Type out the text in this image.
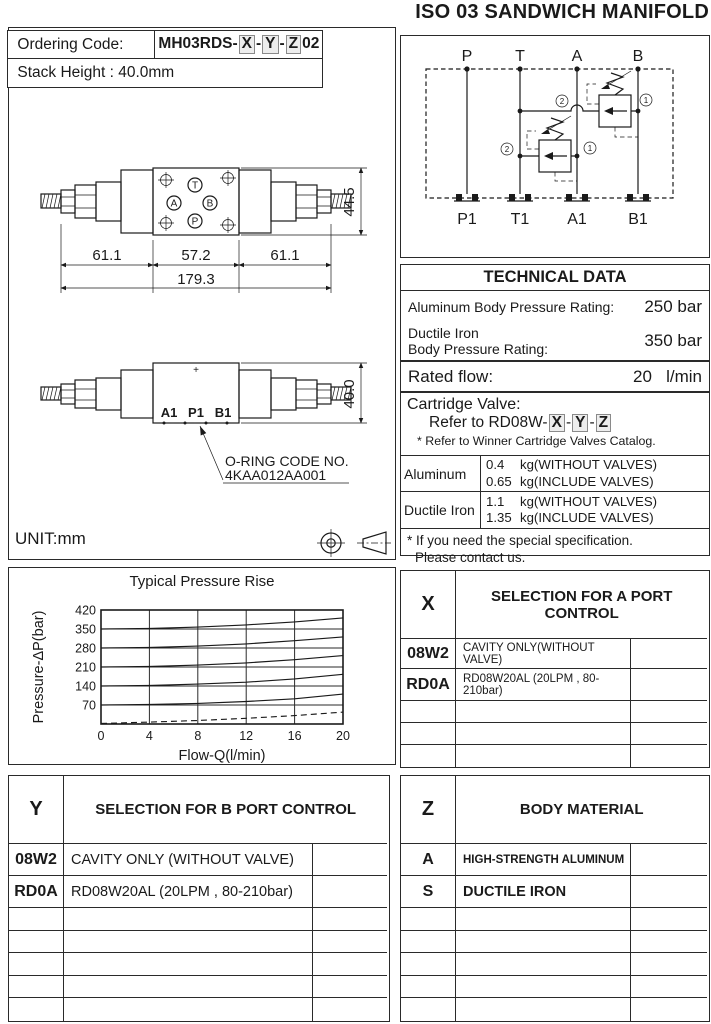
ISO 03 SANDWICH MANIFOLD
Ordering Code:	MH03RDS- X - Y - Z 02
Stack Height : 40.0mm
T
A	B
P
61.1	57.2	61.1
179.3
44.5
+
A1 P1 B1
O-RING CODE NO.
4KAA012AA001
40.0
UNIT:mm
P	T	A	B
2	1
2	1
P1 T1 A1	B1
TECHNICAL DATA
Aluminum Body Pressure Rating: 250 bar
Ductile Iron
Body Pressure Rating:	350 bar
Rated flow:	20 l/min
Cartridge Valve:
Refer to RD08W- X - Y - Z
* Refer to Winner Cartridge Valves Catalog.
Aluminum
0.4	kg(WITHOUT VALVES)
0.65 kg(INCLUDE VALVES)
Ductile Iron
1.1	kg(WITHOUT VALVES)
1.35 kg(INCLUDE VALVES)
* If you need the special specification.
Please contact us.
Typical Pressure Rise
0	4	8	12	16	20
70
140
210
280
350
420
Flow-Q(l/min)
Pressure-ΔP(bar)
X	SELECTION FOR A PORT CONTROL
08W2	CAVITY ONLY(WITHOUT VALVE)
RD0A	RD08W20AL (20LPM , 80-210bar)
Y	SELECTION FOR B PORT CONTROL
08W2 CAVITY ONLY (WITHOUT VALVE)
RD0A RD08W20AL (20LPM , 80-210bar)
Z	BODY MATERIAL
A	HIGH-STRENGTH ALUMINUM
S	DUCTILE IRON
